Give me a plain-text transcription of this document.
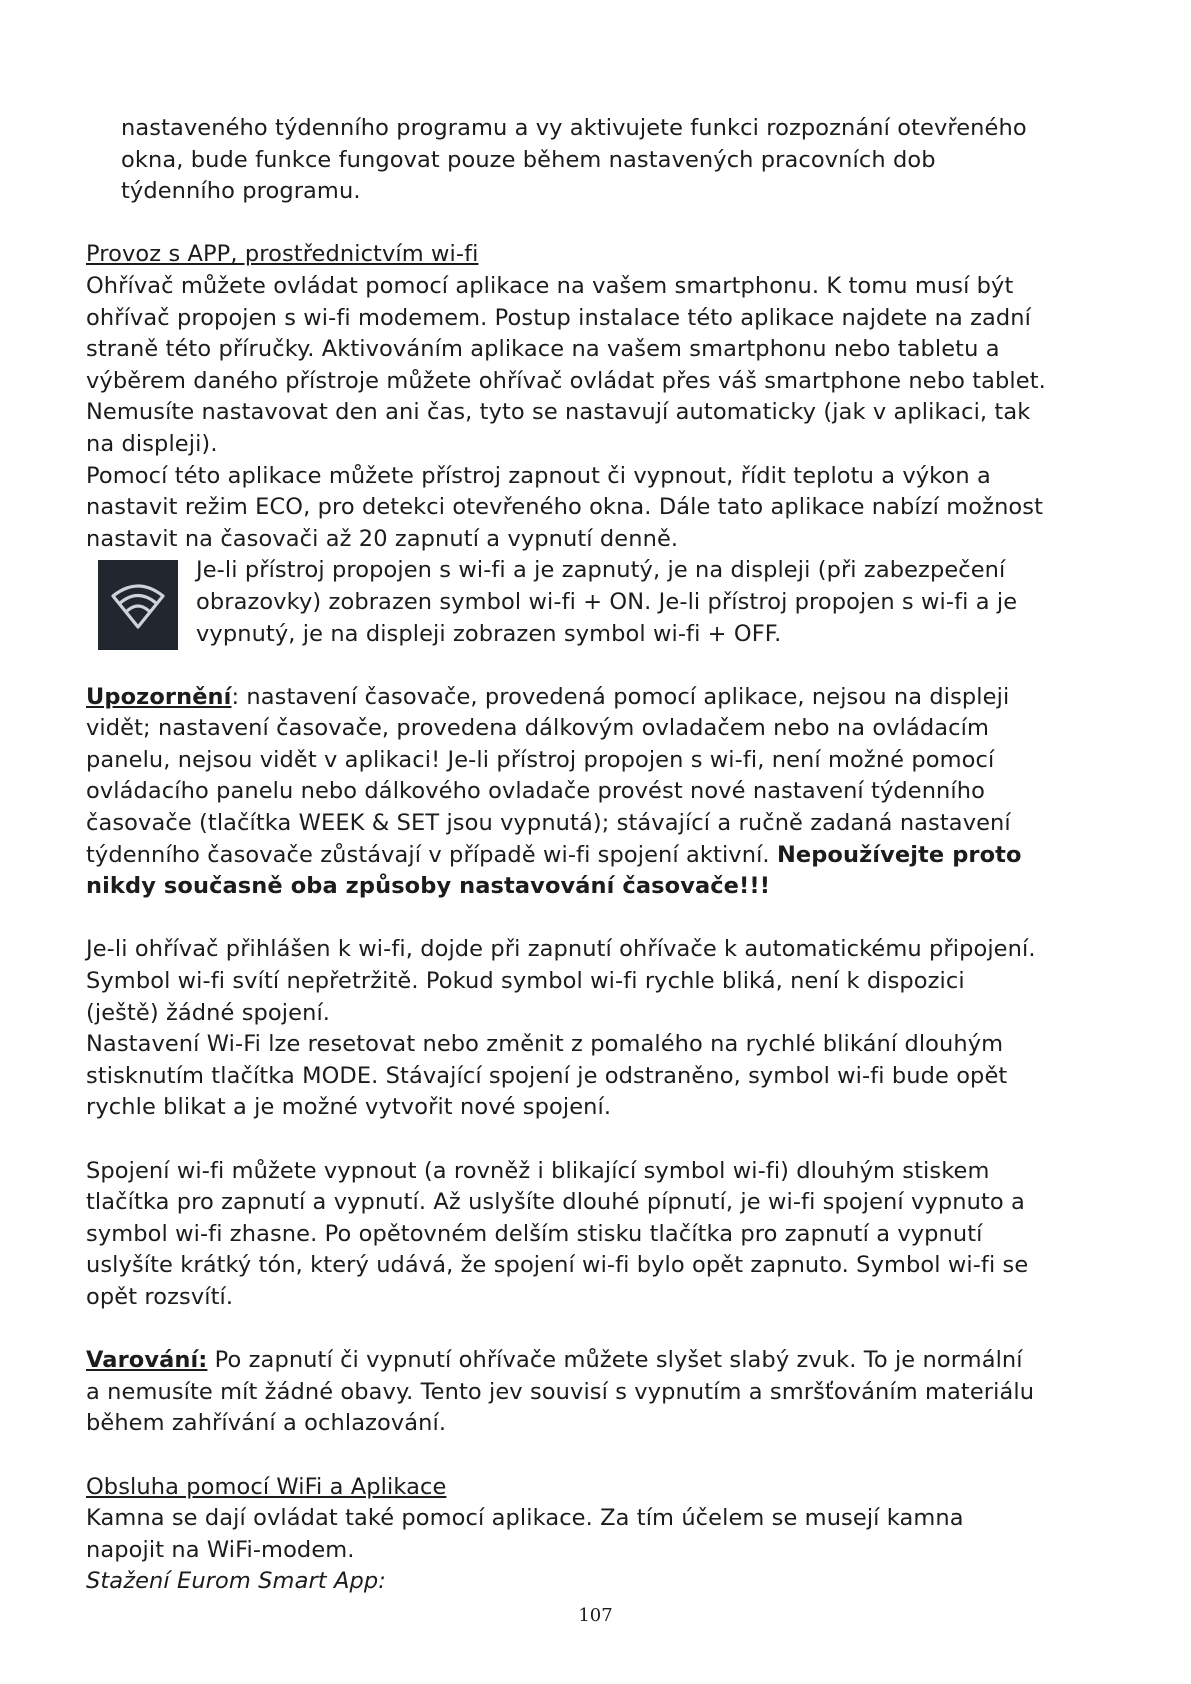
nastaveného týdenního programu a vy aktivujete funkci rozpoznání otevřeného
okna, bude funkce fungovat pouze během nastavených pracovních dob
týdenního programu.

Provoz s APP, prostřednictvím wi-fi

Ohřívač můžete ovládat pomocí aplikace na vašem smartphonu. K tomu musí být
ohřívač propojen s wi-fi modemem. Postup instalace této aplikace najdete na zadní
straně této příručky. Aktivováním aplikace na vašem smartphonu nebo tabletu a
výběrem daného přístroje můžete ohřívač ovládat přes váš smartphone nebo tablet.
Nemusíte nastavovat den ani čas, tyto se nastavují automaticky (jak v aplikaci, tak
na displeji).

Pomocí této aplikace můžete přístroj zapnout či vypnout, řídit teplotu a výkon a
nastavit režim ECO, pro detekci otevřeného okna. Dále tato aplikace nabízí možnost
nastavit na časovači až 20 zapnutí a vypnutí denně.

Je-li přístroj propojen s wi-fi a je zapnutý, je na displeji (při zabezpečení
obrazovky) zobrazen symbol wi-fi + ON. Je-li přístroj propojen s wi-fi a je
vypnutý, je na displeji zobrazen symbol wi-fi + OFF.

Upozornění: nastavení časovače, provedená pomocí aplikace, nejsou na displeji
vidět; nastavení časovače, provedena dálkovým ovladačem nebo na ovládacím
panelu, nejsou vidět v aplikaci! Je-li přístroj propojen s wi-fi, není možné pomocí
ovládacího panelu nebo dálkového ovladače provést nové nastavení týdenního
časovače (tlačítka WEEK & SET jsou vypnutá); stávající a ručně zadaná nastavení
týdenního časovače zůstávají v případě wi-fi spojení aktivní. Nepoužívejte proto
nikdy současně oba způsoby nastavování časovače!!!

Je-li ohřívač přihlášen k wi-fi, dojde při zapnutí ohřívače k automatickému připojení.
Symbol wi-fi svítí nepřetržitě. Pokud symbol wi-fi rychle bliká, není k dispozici
(ještě) žádné spojení.

Nastavení Wi-Fi lze resetovat nebo změnit z pomalého na rychlé blikání dlouhým
stisknutím tlačítka MODE. Stávající spojení je odstraněno, symbol wi-fi bude opět
rychle blikat a je možné vytvořit nové spojení.

Spojení wi-fi můžete vypnout (a rovněž i blikající symbol wi-fi) dlouhým stiskem
tlačítka pro zapnutí a vypnutí. Až uslyšíte dlouhé pípnutí, je wi-fi spojení vypnuto a
symbol wi-fi zhasne. Po opětovném delším stisku tlačítka pro zapnutí a vypnutí
uslyšíte krátký tón, který udává, že spojení wi-fi bylo opět zapnuto. Symbol wi-fi se
opět rozsvítí.

Varování: Po zapnutí či vypnutí ohřívače můžete slyšet slabý zvuk. To je normální
a nemusíte mít žádné obavy. Tento jev souvisí s vypnutím a smršťováním materiálu
během zahřívání a ochlazování.

Obsluha pomocí WiFi a Aplikace

Kamna se dají ovládat také pomocí aplikace. Za tím účelem se musejí kamna
napojit na WiFi-modem.

Stažení Eurom Smart App:

107
